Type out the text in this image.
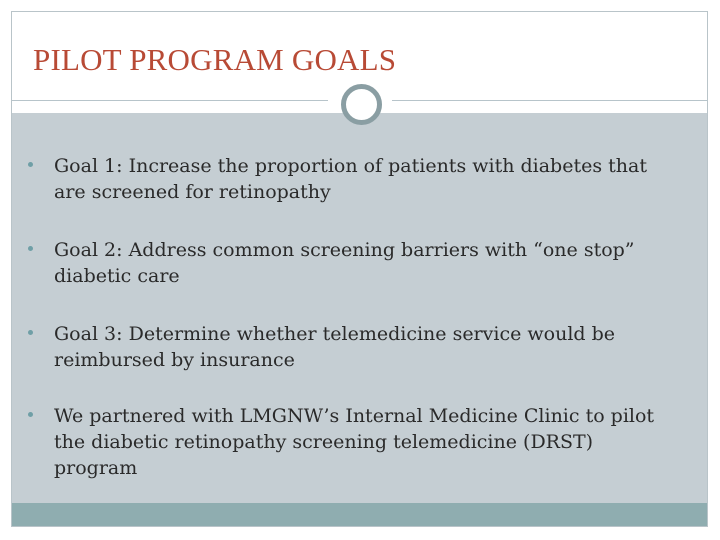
PILOT PROGRAM GOALS
Goal 1: Increase the proportion of patients with diabetes that are screened for retinopathy
Goal 2: Address common screening barriers with “one stop” diabetic care
Goal 3: Determine whether telemedicine service would be reimbursed by insurance
We partnered with LMGNW’s Internal Medicine Clinic to pilot the diabetic retinopathy screening telemedicine (DRST) program
